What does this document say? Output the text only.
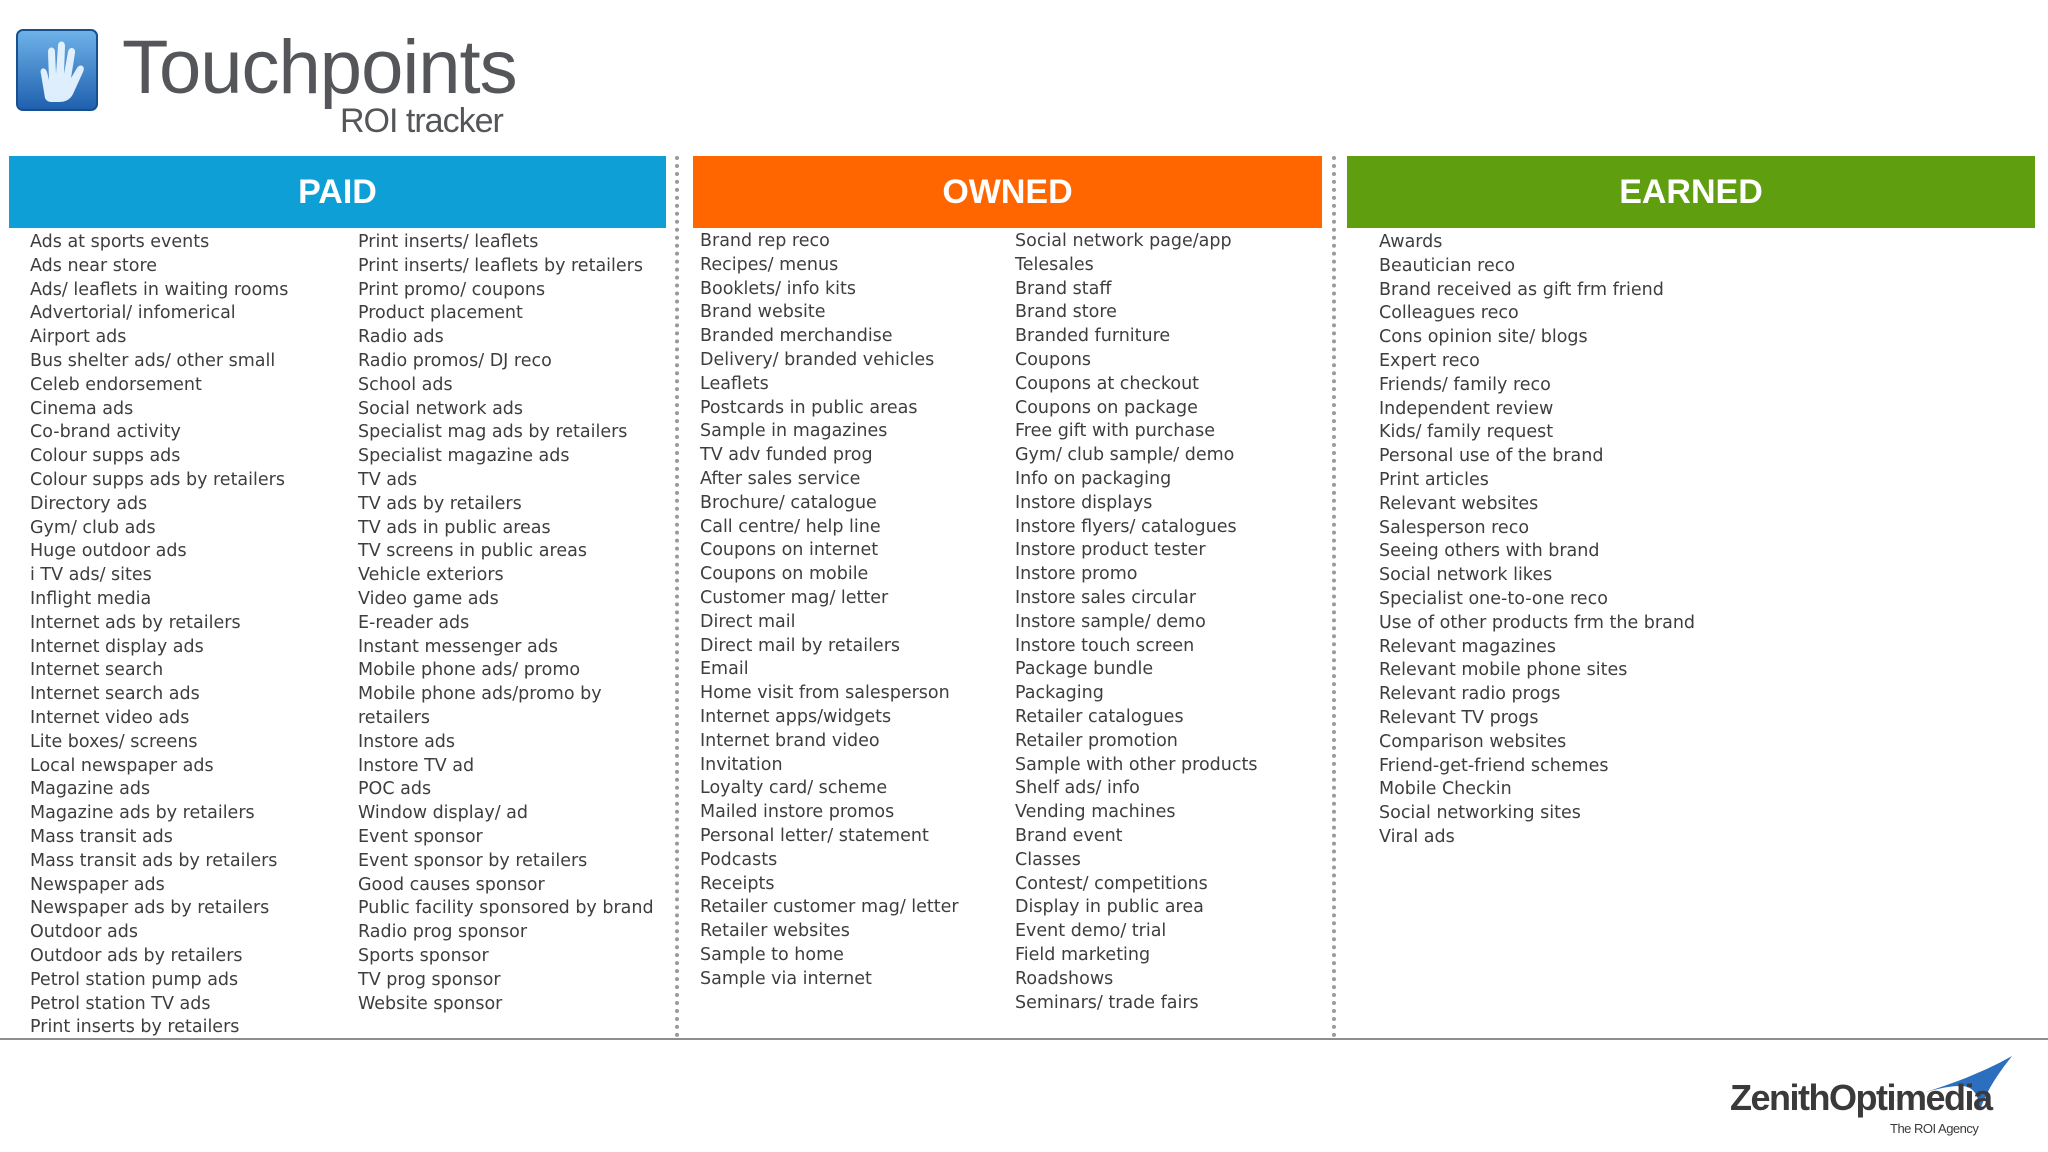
Touchpoints
ROI tracker
PAID	OWNED	EARNED
Ads at sports events
Ads near store
Ads/ leaflets in waiting rooms
Advertorial/ infomerical
Airport ads
Bus shelter ads/ other small
Celeb endorsement
Cinema ads
Co-brand activity
Colour supps ads
Colour supps ads by retailers
Directory ads
Gym/ club ads
Huge outdoor ads
i TV ads/ sites
Inflight media
Internet ads by retailers
Internet display ads
Internet search
Internet search ads
Internet video ads
Lite boxes/ screens
Local newspaper ads
Magazine ads
Magazine ads by retailers
Mass transit ads
Mass transit ads by retailers
Newspaper ads
Newspaper ads by retailers
Outdoor ads
Outdoor ads by retailers
Petrol station pump ads
Petrol station TV ads
Print inserts by retailers
Print inserts/ leaflets
Print inserts/ leaflets by retailers
Print promo/ coupons
Product placement
Radio ads
Radio promos/ DJ reco
School ads
Social network ads
Specialist mag ads by retailers
Specialist magazine ads
TV ads
TV ads by retailers
TV ads in public areas
TV screens in public areas
Vehicle exteriors
Video game ads
E-reader ads
Instant messenger ads
Mobile phone ads/ promo
Mobile phone ads/promo by
retailers
Instore ads
Instore TV ad
POC ads
Window display/ ad
Event sponsor
Event sponsor by retailers
Good causes sponsor
Public facility sponsored by brand
Radio prog sponsor
Sports sponsor
TV prog sponsor
Website sponsor
Brand rep reco
Recipes/ menus
Booklets/ info kits
Brand website
Branded merchandise
Delivery/ branded vehicles
Leaflets
Postcards in public areas
Sample in magazines
TV adv funded prog
After sales service
Brochure/ catalogue
Call centre/ help line
Coupons on internet
Coupons on mobile
Customer mag/ letter
Direct mail
Direct mail by retailers
Email
Home visit from salesperson
Internet apps/widgets
Internet brand video
Invitation
Loyalty card/ scheme
Mailed instore promos
Personal letter/ statement
Podcasts
Receipts
Retailer customer mag/ letter
Retailer websites
Sample to home
Sample via internet
Social network page/app
Telesales
Brand staff
Brand store
Branded furniture
Coupons
Coupons at checkout
Coupons on package
Free gift with purchase
Gym/ club sample/ demo
Info on packaging
Instore displays
Instore flyers/ catalogues
Instore product tester
Instore promo
Instore sales circular
Instore sample/ demo
Instore touch screen
Package bundle
Packaging
Retailer catalogues
Retailer promotion
Sample with other products
Shelf ads/ info
Vending machines
Brand event
Classes
Contest/ competitions
Display in public area
Event demo/ trial
Field marketing
Roadshows
Seminars/ trade fairs
Awards
Beautician reco
Brand received as gift frm friend
Colleagues reco
Cons opinion site/ blogs
Expert reco
Friends/ family reco
Independent review
Kids/ family request
Personal use of the brand
Print articles
Relevant websites
Salesperson reco
Seeing others with brand
Social network likes
Specialist one-to-one reco
Use of other products frm the brand
Relevant magazines
Relevant mobile phone sites
Relevant radio progs
Relevant TV progs
Comparison websites
Friend-get-friend schemes
Mobile Checkin
Social networking sites
Viral ads
ZenithOptimedia
The ROI Agency
